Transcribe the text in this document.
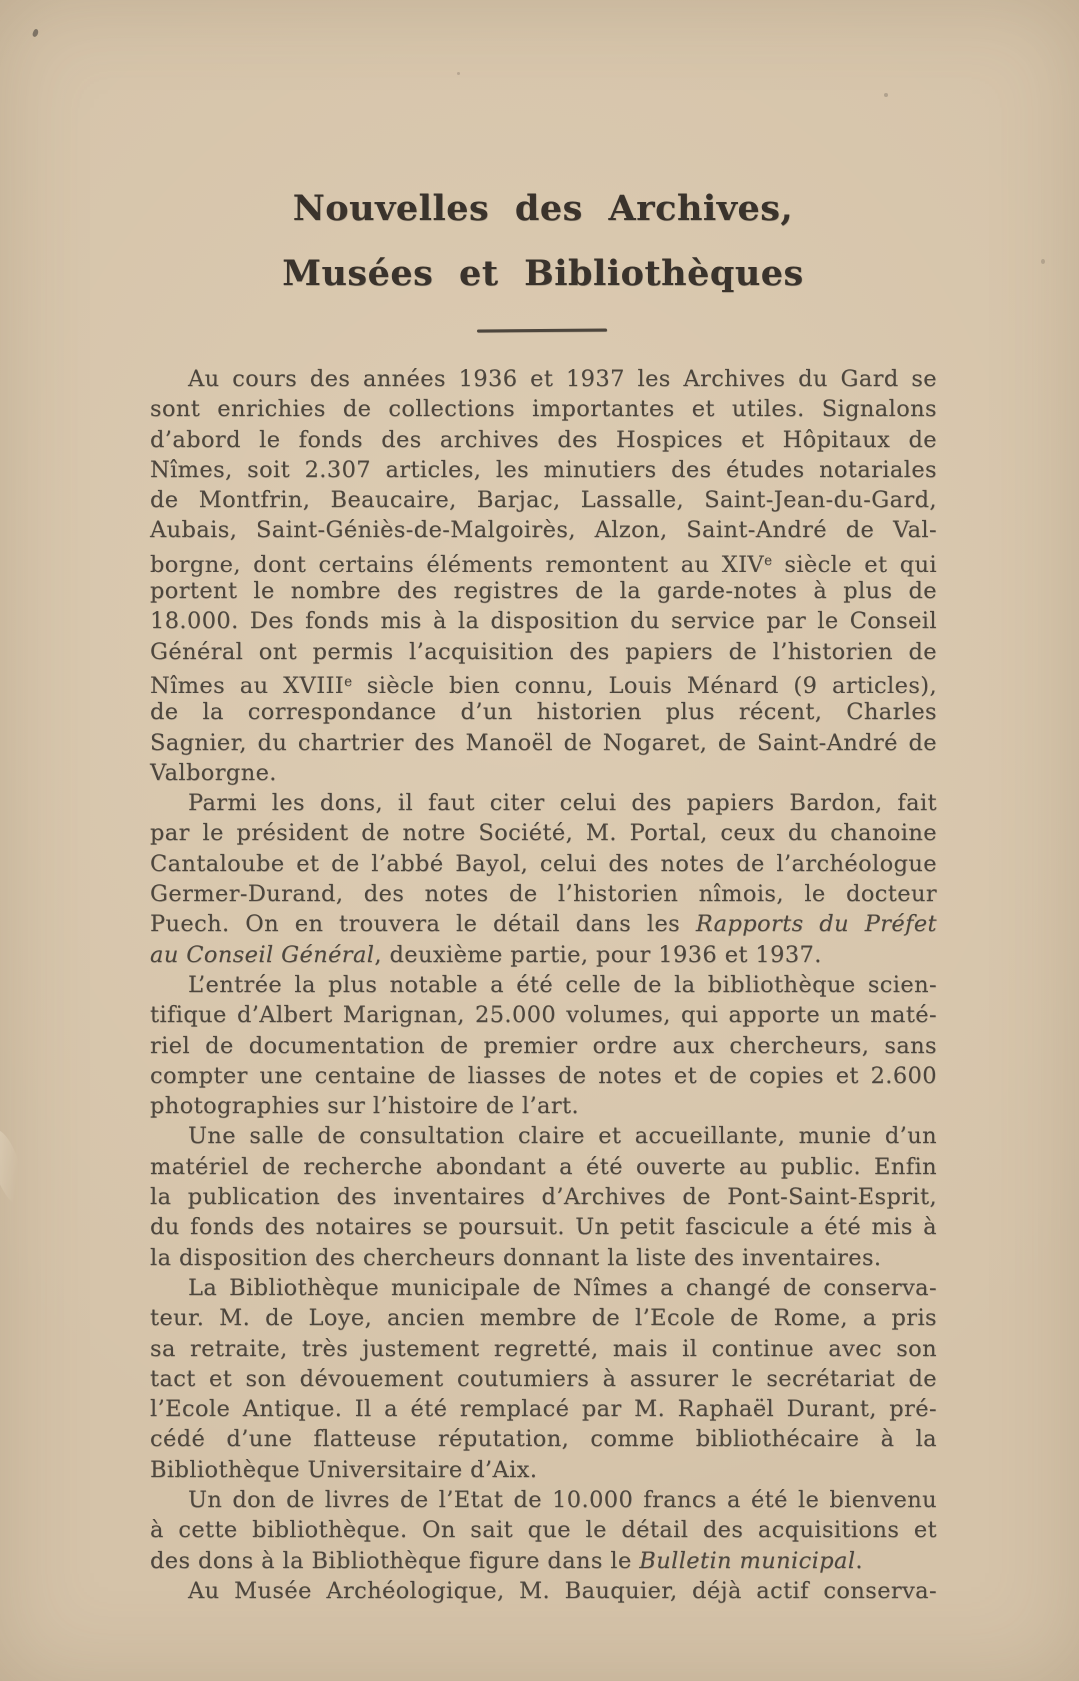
Nouvelles des Archives,
Musées et Bibliothèques
Au cours des années 1936 et 1937 les Archives du Gard se
sont enrichies de collections importantes et utiles. Signalons
d’abord le fonds des archives des Hospices et Hôpitaux de
Nîmes, soit 2.307 articles, les minutiers des études notariales
de Montfrin, Beaucaire, Barjac, Lassalle, Saint-Jean-du-Gard,
Aubais, Saint-Géniès-de-Malgoirès, Alzon, Saint-André de Val-
borgne, dont certains éléments remontent au XIVe siècle et qui
portent le nombre des registres de la garde-notes à plus de
18.000. Des fonds mis à la disposition du service par le Conseil
Général ont permis l’acquisition des papiers de l’historien de
Nîmes au XVIIIe siècle bien connu, Louis Ménard (9 articles),
de la correspondance d’un historien plus récent, Charles
Sagnier, du chartrier des Manoël de Nogaret, de Saint-André de
Valborgne.
Parmi les dons, il faut citer celui des papiers Bardon, fait
par le président de notre Société, M. Portal, ceux du chanoine
Cantaloube et de l’abbé Bayol, celui des notes de l’archéologue
Germer-Durand, des notes de l’historien nîmois, le docteur
Puech. On en trouvera le détail dans les Rapports du Préfet
au Conseil Général, deuxième partie, pour 1936 et 1937.
L’entrée la plus notable a été celle de la bibliothèque scien-
tifique d’Albert Marignan, 25.000 volumes, qui apporte un maté-
riel de documentation de premier ordre aux chercheurs, sans
compter une centaine de liasses de notes et de copies et 2.600
photographies sur l’histoire de l’art.
Une salle de consultation claire et accueillante, munie d’un
matériel de recherche abondant a été ouverte au public. Enfin
la publication des inventaires d’Archives de Pont-Saint-Esprit,
du fonds des notaires se poursuit. Un petit fascicule a été mis à
la disposition des chercheurs donnant la liste des inventaires.
La Bibliothèque municipale de Nîmes a changé de conserva-
teur. M. de Loye, ancien membre de l’Ecole de Rome, a pris
sa retraite, très justement regretté, mais il continue avec son
tact et son dévouement coutumiers à assurer le secrétariat de
l’Ecole Antique. Il a été remplacé par M. Raphaël Durant, pré-
cédé d’une flatteuse réputation, comme bibliothécaire à la
Bibliothèque Universitaire d’Aix.
Un don de livres de l’Etat de 10.000 francs a été le bienvenu
à cette bibliothèque. On sait que le détail des acquisitions et
des dons à la Bibliothèque figure dans le Bulletin municipal.
Au Musée Archéologique, M. Bauquier, déjà actif conserva-
